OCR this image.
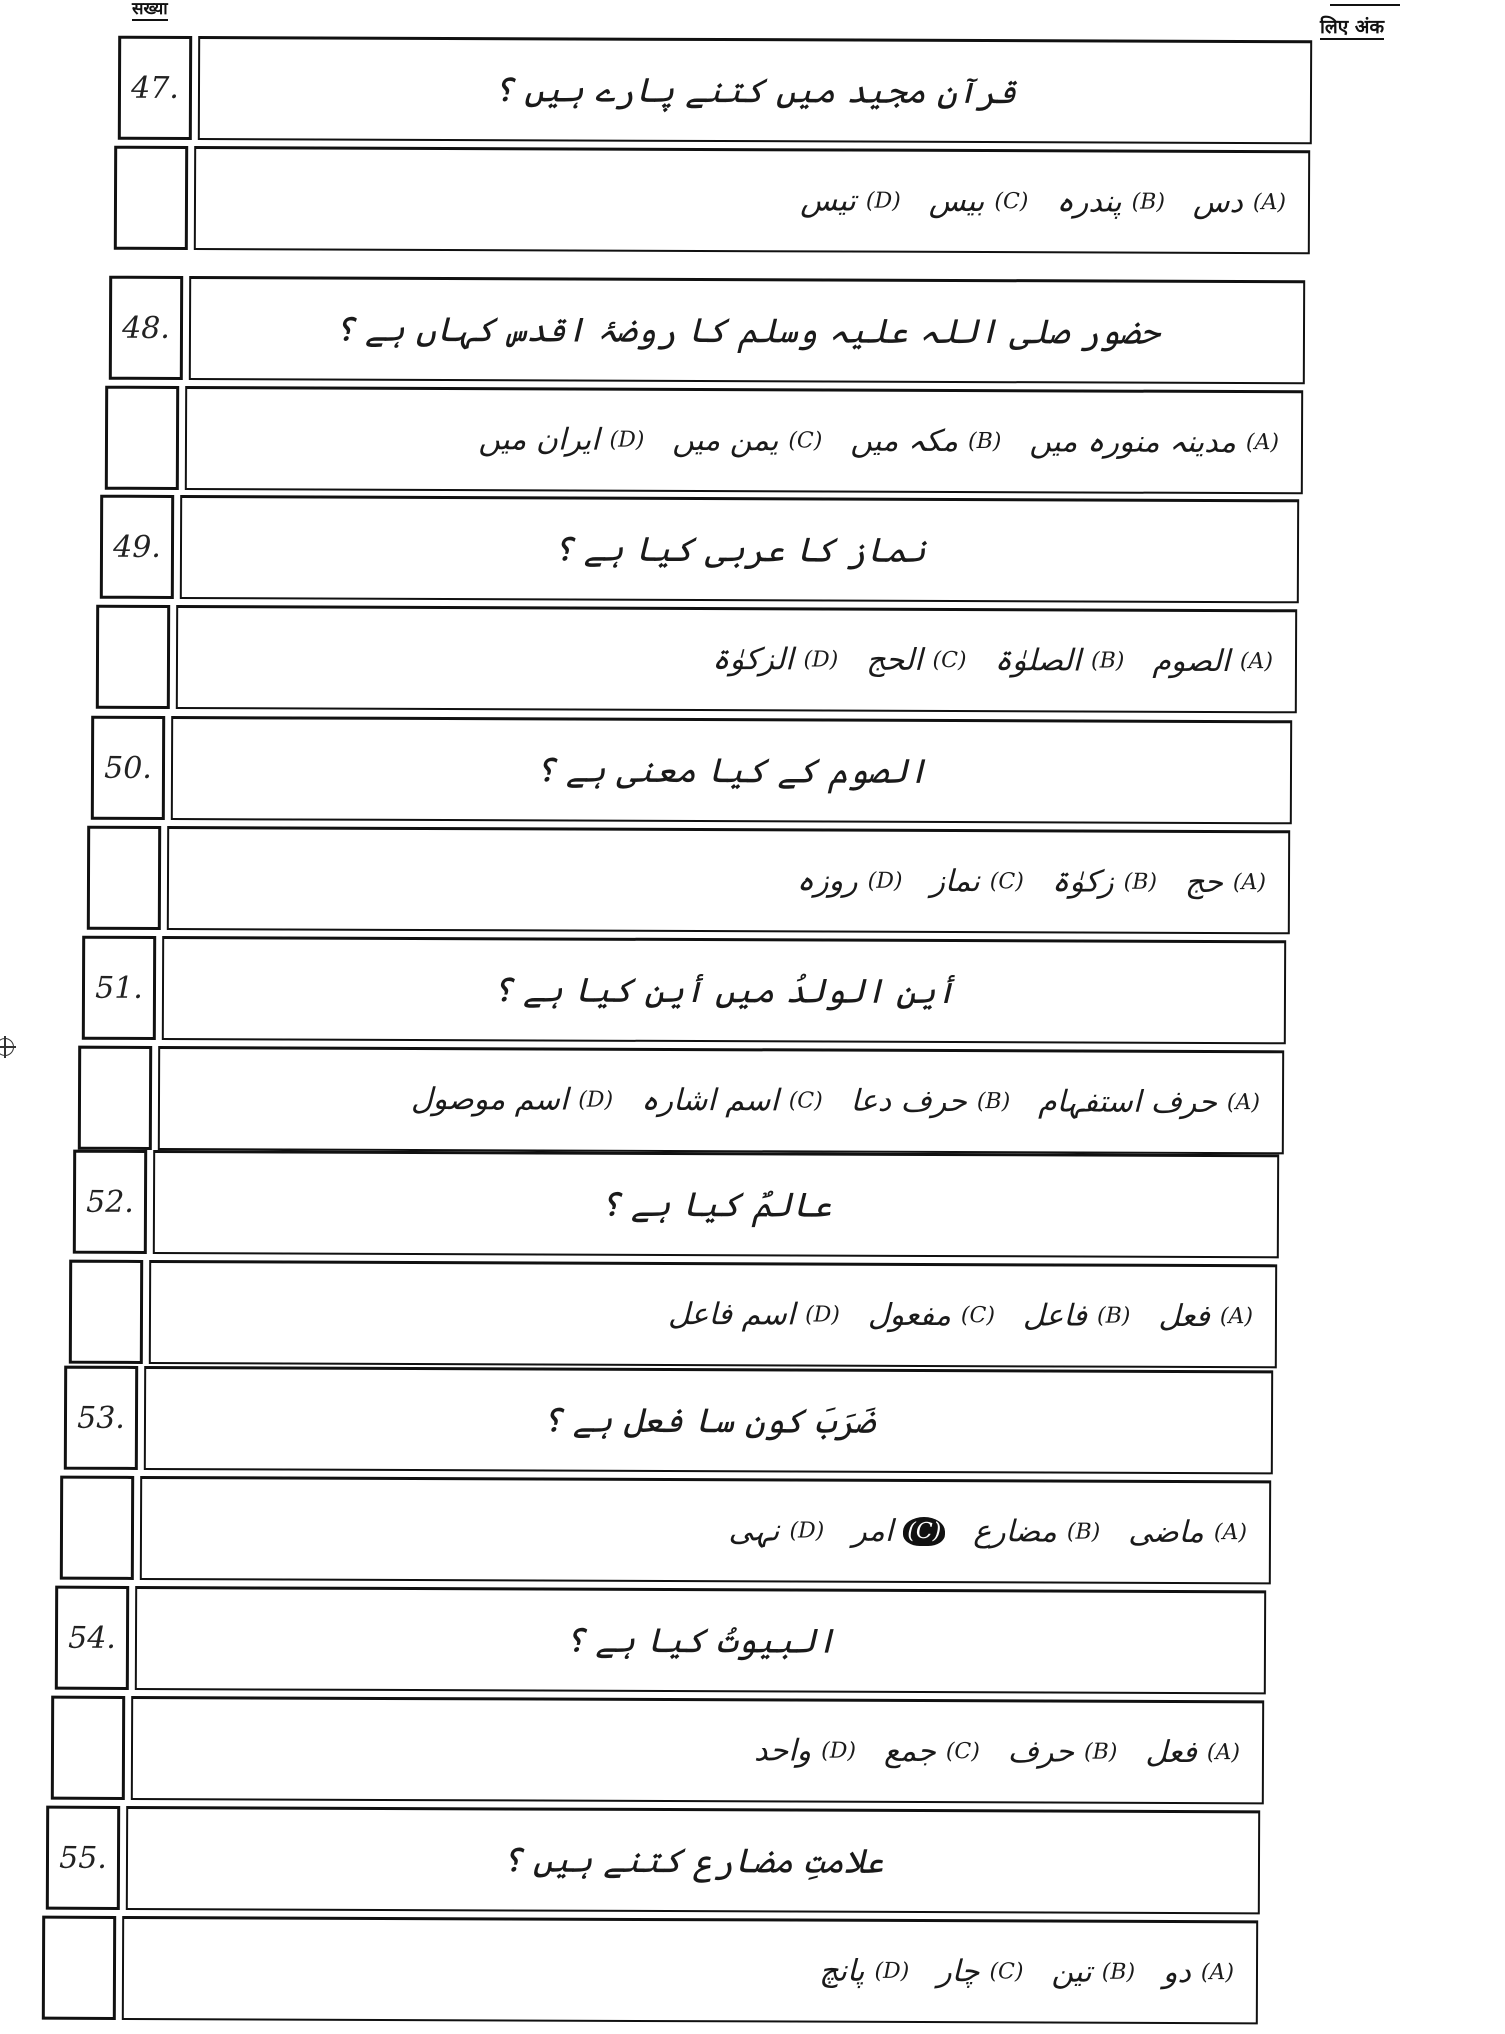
सख्या
लिए अंक
47.	قرآن مجید میں کتنے پارے ہیں ؟
(A)
دس
(B)
پندرہ
(C)
بیس
(D)
تیس
48.	حضور صلی اللہ علیہ وسلم کا روضۂ اقدس کہاں ہے ؟
(A)
مدینہ منورہ میں
(B)
مکہ میں
(C)
یمن میں
(D)
ایران میں
49.	نماز کا عربی کیا ہے ؟
(A)
الصوم
(B)
الصلوٰۃ
(C)
الحج
(D)
الزکوٰۃ
50.	الصوم کے کیا معنی ہے ؟
(A)
حج
(B)
زکوٰۃ
(C)
نماز
(D)
روزہ
51.	أين الولدُ میں أين کیا ہے ؟
(A)
حرف استفہام
(B)
حرف دعا
(C)
اسم اشارہ
(D)
اسم موصول
52.	عالمٌ کیا ہے ؟
(A)
فعل
(B)
فاعل
(C)
مفعول
(D)
اسم فاعل
53.	ضَرَبَ کون سا فعل ہے ؟
(A)
ماضی
(B)
مضارع
(C)
امر
(D)
نہی
54.	البیوتُ کیا ہے ؟
(A)
فعل
(B)
حرف
(C)
جمع
(D)
واحد
55.	علامتِ مضارع کتنے ہیں ؟
(A)
دو
(B)
تین
(C)
چار
(D)
پانچ
